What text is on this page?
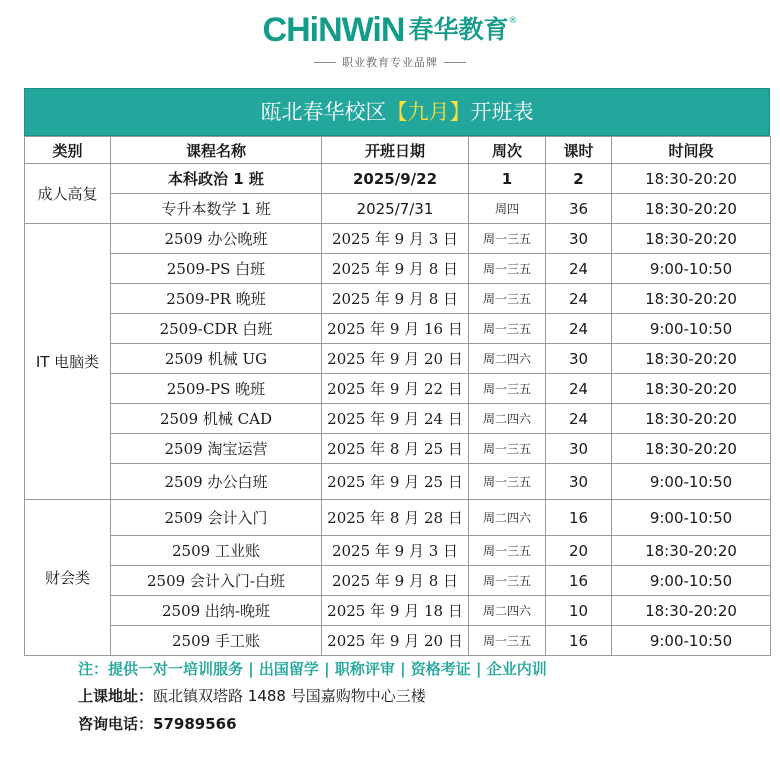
CHiNWiN 春华教育 ®
职业教育专业品牌
瓯北春华校区【九月】开班表
类别	课程名称	开班日期	周次	课时	时间段
成人高复	本科政治 1 班	2025/9/22	1	2	18:30-20:20
	专升本数学 1 班	2025/7/31	周四	36	18:30-20:20
IT 电脑类	2509 办公晚班	2025 年 9 月 3 日	周一三五	30	18:30-20:20
	2509-PS 白班	2025 年 9 月 8 日	周一三五	24	9:00-10:50
	2509-PR 晚班	2025 年 9 月 8 日	周一三五	24	18:30-20:20
	2509-CDR 白班	2025 年 9 月 16 日	周一三五	24	9:00-10:50
	2509 机械 UG	2025 年 9 月 20 日	周二四六	30	18:30-20:20
	2509-PS 晚班	2025 年 9 月 22 日	周一三五	24	18:30-20:20
	2509 机械 CAD	2025 年 9 月 24 日	周二四六	24	18:30-20:20
	2509 淘宝运营	2025 年 8 月 25 日	周一三五	30	18:30-20:20
	2509 办公白班	2025 年 9 月 25 日	周一三五	30	9:00-10:50
财会类	2509 会计入门	2025 年 8 月 28 日	周二四六	16	9:00-10:50
	2509 工业账	2025 年 9 月 3 日	周一三五	20	18:30-20:20
	2509 会计入门-白班	2025 年 9 月 8 日	周一三五	16	9:00-10:50
	2509 出纳-晚班	2025 年 9 月 18 日	周二四六	10	18:30-20:20
	2509 手工账	2025 年 9 月 20 日	周一三五	16	9:00-10:50
注：提供一对一培训服务 | 出国留学 | 职称评审 | 资格考证 | 企业内训
上课地址：瓯北镇双塔路 1488 号国嘉购物中心三楼
咨询电话：57989566
